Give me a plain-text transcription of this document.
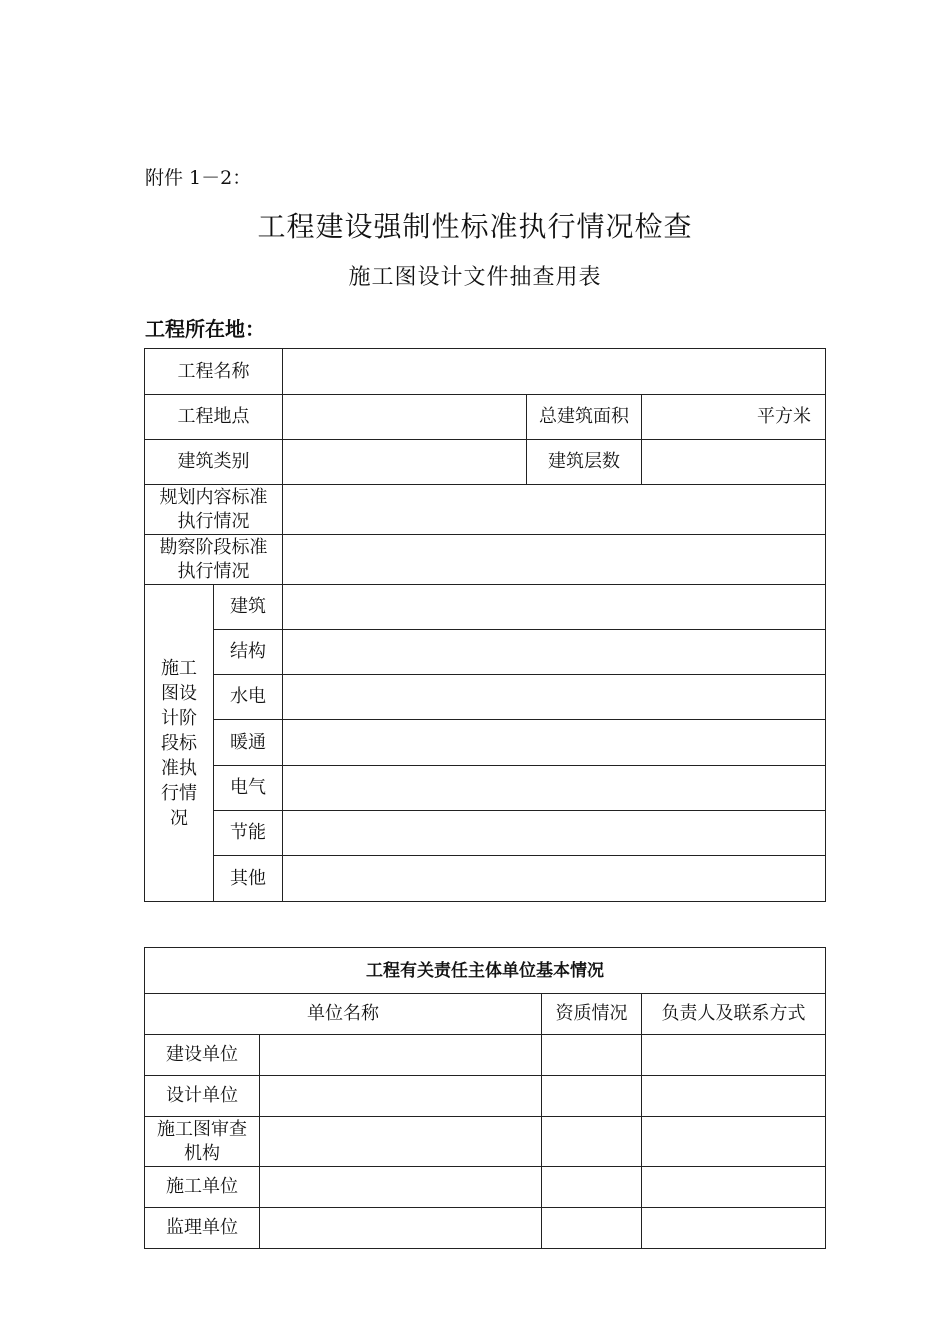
附件 1－2：
工程建设强制性标准执行情况检查
施工图设计文件抽查用表
工程所在地：
工程名称				
工程地点			总建筑面积	平方米
建筑类别			建筑层数	
规划内容标准执行情况				
勘察阶段标准执行情况				
施工图设计阶段标准执行情况	建筑			
	结构			
	水电			
	暖通			
	电气			
	节能			
	其他			
工程有关责任主体单位基本情况			
单位名称		资质情况	负责人及联系方式
建设单位			
设计单位			
施工图审查机构			
施工单位			
监理单位			
